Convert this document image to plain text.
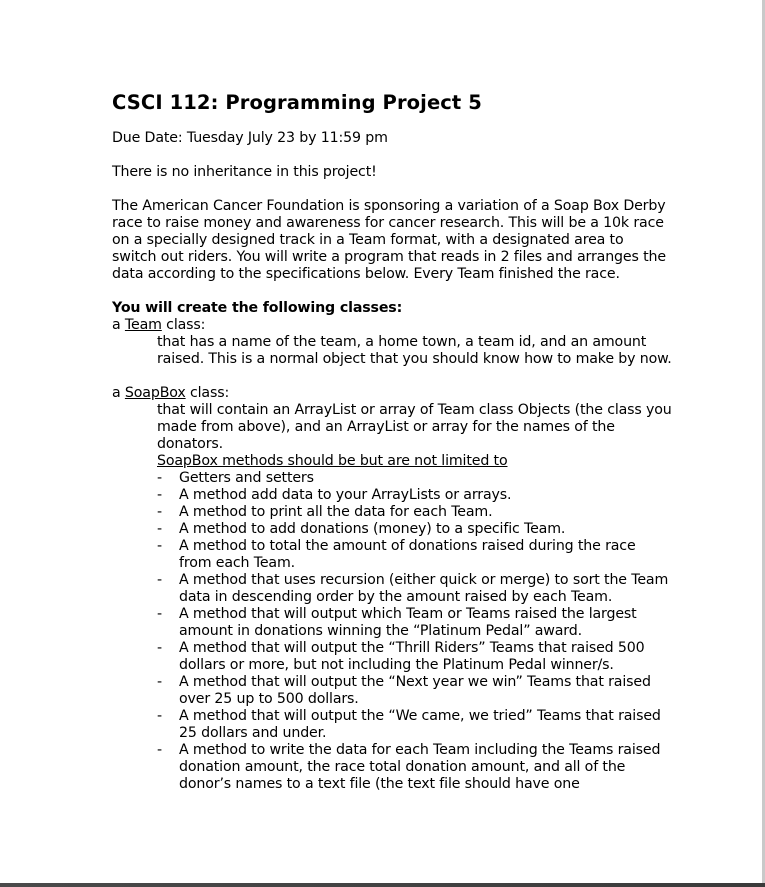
CSCI 112: Programming Project 5

Due Date: Tuesday July 23 by 11:59 pm

There is no inheritance in this project!

The American Cancer Foundation is sponsoring a variation of a Soap Box Derby race to raise money and awareness for cancer research. This will be a 10k race on a specially designed track in a Team format, with a designated area to switch out riders. You will write a program that reads in 2 files and arranges the data according to the specifications below. Every Team finished the race.

You will create the following classes:

a Team class:

that has a name of the team, a home town, a team id, and an amount raised. This is a normal object that you should know how to make by now.

a SoapBox class:

that will contain an ArrayList or array of Team class Objects (the class you made from above), and an ArrayList or array for the names of the donators.

SoapBox methods should be but are not limited to

- Getters and setters
- A method add data to your ArrayLists or arrays.
- A method to print all the data for each Team.
- A method to add donations (money) to a specific Team.
- A method to total the amount of donations raised during the race from each Team.
- A method that uses recursion (either quick or merge) to sort the Team data in descending order by the amount raised by each Team.
- A method that will output which Team or Teams raised the largest amount in donations winning the “Platinum Pedal” award.
- A method that will output the “Thrill Riders” Teams that raised 500 dollars or more, but not including the Platinum Pedal winner/s.
- A method that will output the “Next year we win” Teams that raised over 25 up to 500 dollars.
- A method that will output the “We came, we tried” Teams that raised 25 dollars and under.
- A method to write the data for each Team including the Teams raised donation amount, the race total donation amount, and all of the donor’s names to a text file (the text file should have one
